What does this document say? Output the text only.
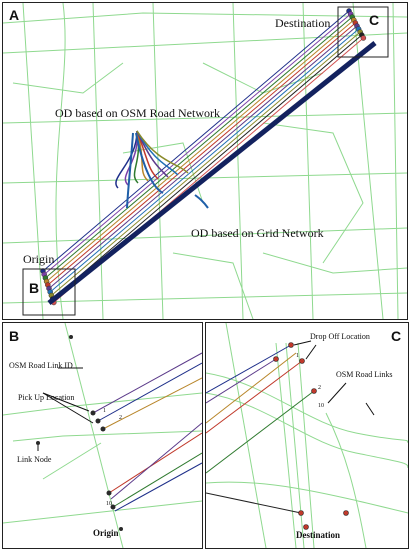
A	Destination	C
Origin
B
OD based on OSM Road Network
OD based on Grid Network
B
OSM Road Link ID
Pick Up Location
Link Node
Origin
1
2
10
C
Drop Off Location
OSM Road Links
Destination
1
2
10
